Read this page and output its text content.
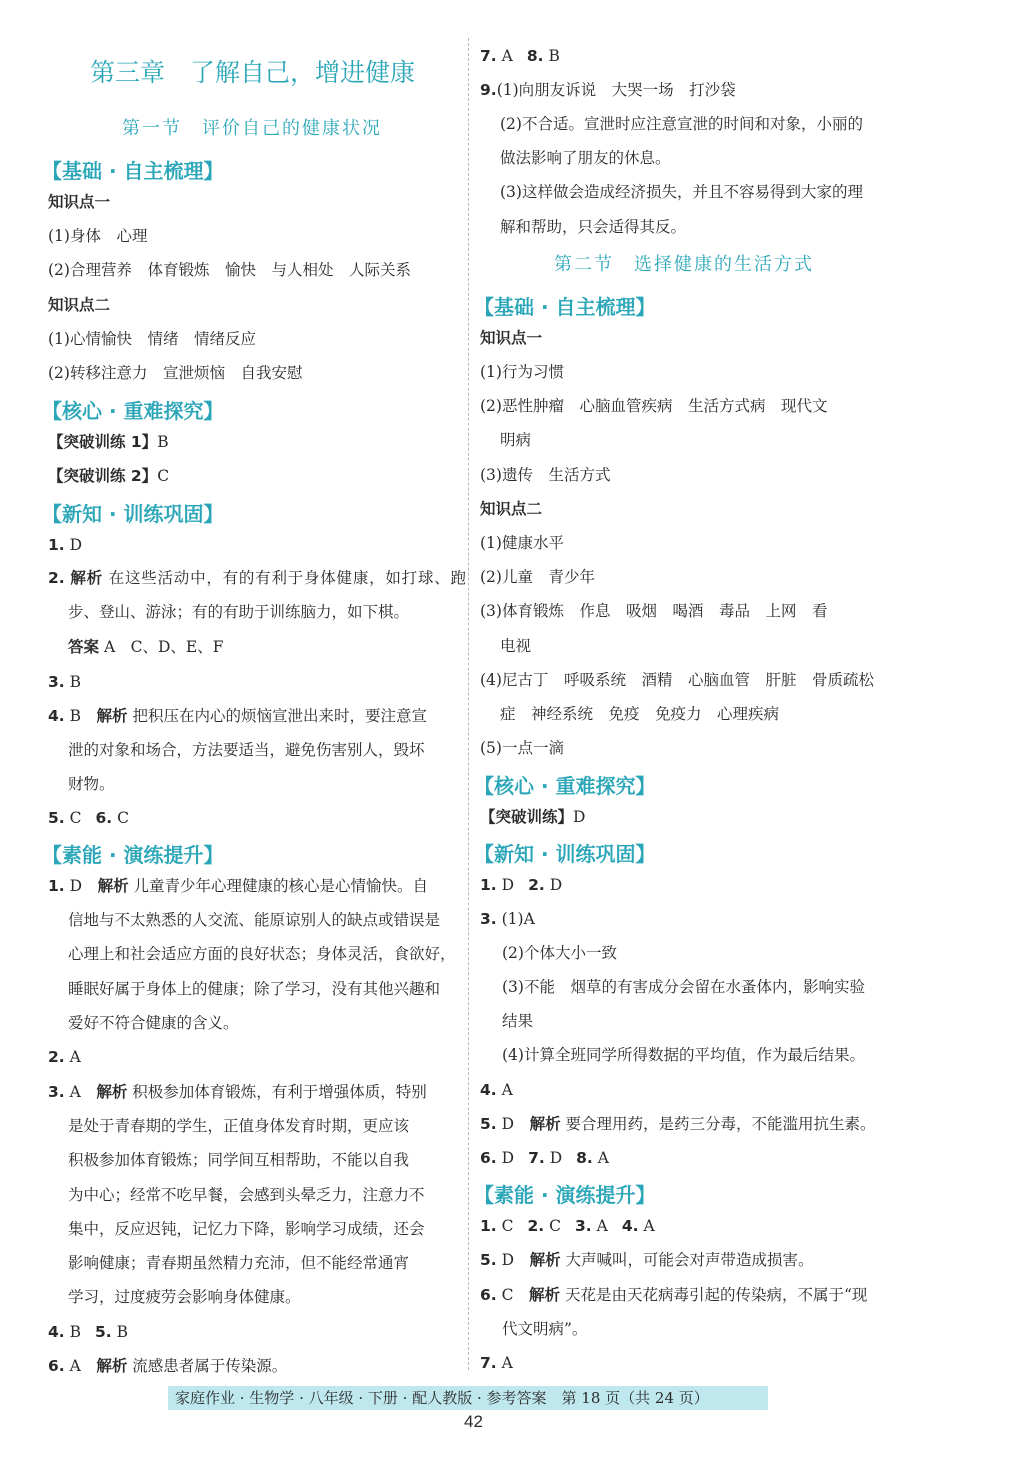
第三章　了解自己，增进健康
第一节　评价自己的健康状况
【基础 · 自主梳理】
知识点一
(1)身体　心理
(2)合理营养　体育锻炼　愉快　与人相处　人际关系
知识点二
(1)心情愉快　情绪　情绪反应
(2)转移注意力　宣泄烦恼　自我安慰
【核心 · 重难探究】
【突破训练 1】B
【突破训练 2】C
【新知 · 训练巩固】
1. D
2. 解析 在这些活动中，有的有利于身体健康，如打球、跑
步、登山、游泳；有的有助于训练脑力，如下棋。
答案 A　C、D、E、F
3. B
4. B　 解析 把积压在内心的烦恼宣泄出来时，要注意宣
泄的对象和场合，方法要适当，避免伤害别人，毁坏
财物。
5. C 6. C
【素能 · 演练提升】
1. D　 解析 儿童青少年心理健康的核心是心情愉快。自
信地与不太熟悉的人交流、能原谅别人的缺点或错误是
心理上和社会适应方面的良好状态；身体灵活，食欲好，
睡眠好属于身体上的健康；除了学习，没有其他兴趣和
爱好不符合健康的含义。
2. A
3. A　 解析 积极参加体育锻炼，有利于增强体质，特别
是处于青春期的学生，正值身体发育时期，更应该
积极参加体育锻炼；同学间互相帮助，不能以自我
为中心；经常不吃早餐，会感到头晕乏力，注意力不
集中，反应迟钝，记忆力下降，影响学习成绩，还会
影响健康；青春期虽然精力充沛，但不能经常通宵
学习，过度疲劳会影响身体健康。
4. B 5. B
6. A　 解析 流感患者属于传染源。
7. A 8. B
9.(1)向朋友诉说　大哭一场　打沙袋
(2)不合适。宣泄时应注意宣泄的时间和对象，小丽的
做法影响了朋友的休息。
(3)这样做会造成经济损失，并且不容易得到大家的理
解和帮助，只会适得其反。
第二节　选择健康的生活方式
【基础 · 自主梳理】
知识点一
(1)行为习惯
(2)恶性肿瘤　心脑血管疾病　生活方式病　现代文
明病
(3)遗传　生活方式
知识点二
(1)健康水平
(2)儿童　青少年
(3)体育锻炼　作息　吸烟　喝酒　毒品　上网　看
电视
(4)尼古丁　呼吸系统　酒精　心脑血管　肝脏　骨质疏松
症　神经系统　免疫　免疫力　心理疾病
(5)一点一滴
【核心 · 重难探究】
【突破训练】D
【新知 · 训练巩固】
1. D 2. D
3. (1)A
(2)个体大小一致
(3)不能　烟草的有害成分会留在水蚤体内，影响实验
结果
(4)计算全班同学所得数据的平均值，作为最后结果。
4. A
5. D　 解析 要合理用药，是药三分毒，不能滥用抗生素。
6. D 7. D 8. A
【素能 · 演练提升】
1. C 2. C 3. A 4. A
5. D　 解析 大声喊叫，可能会对声带造成损害。
6. C　 解析 天花是由天花病毒引起的传染病，不属于“现
代文明病”。
7. A
家庭作业 · 生物学 · 八年级 · 下册 · 配人教版 · 参考答案　第 18 页（共 24 页）
42
